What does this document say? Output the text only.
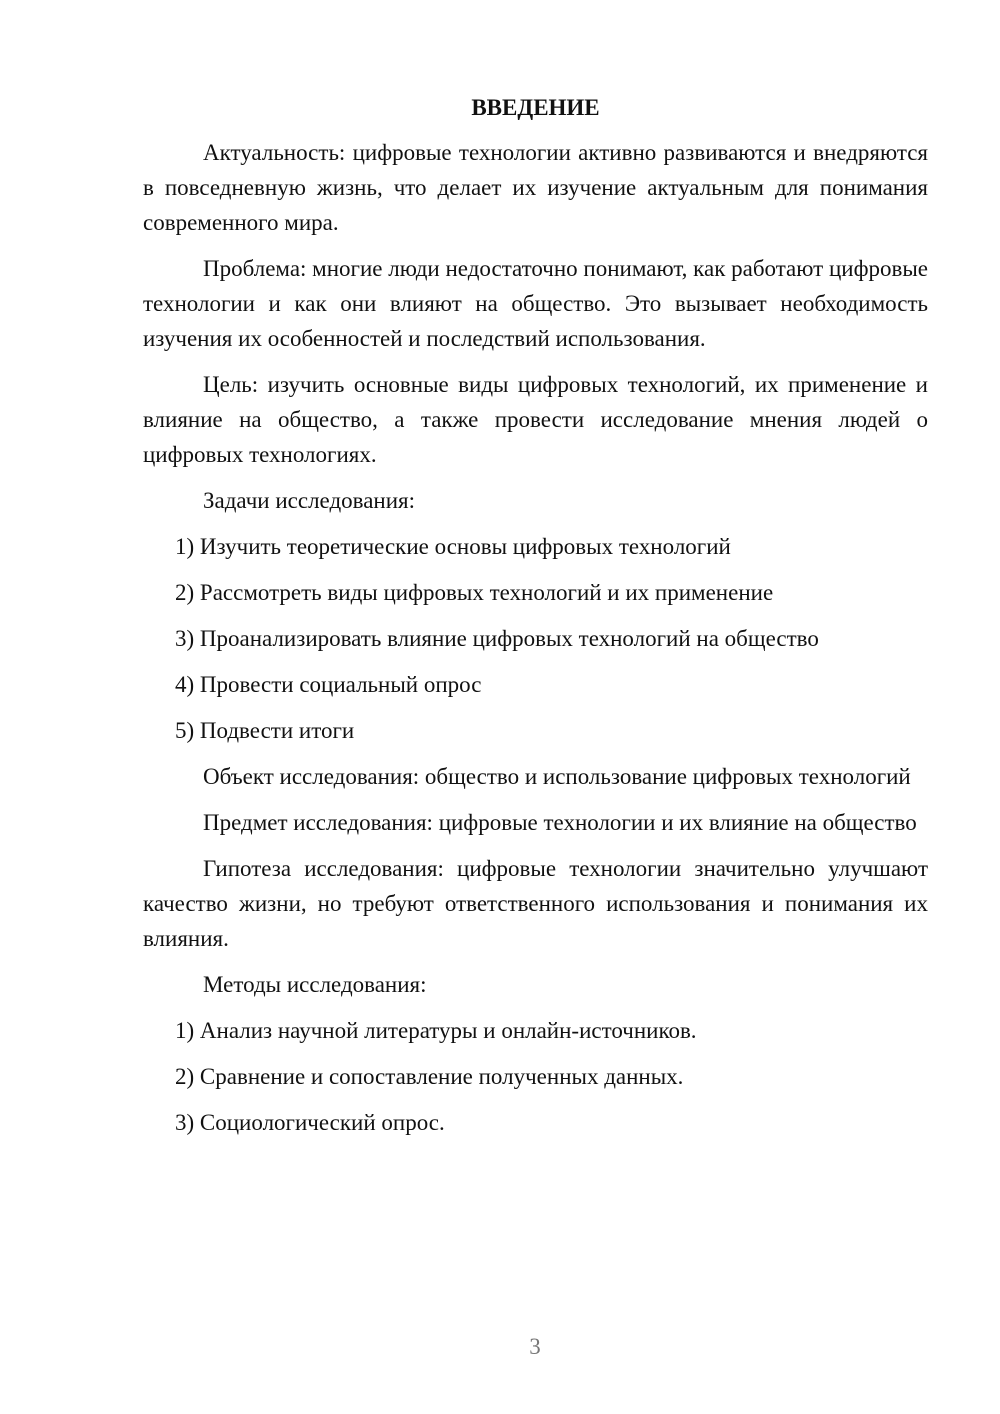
ВВЕДЕНИЕ

Актуальность: цифровые технологии активно развиваются и внедряются в повседневную жизнь, что делает их изучение актуальным для понимания современного мира.

Проблема: многие люди недостаточно понимают, как работают цифровые технологии и как они влияют на общество. Это вызывает необходимость изучения их особенностей и последствий использования.

Цель: изучить основные виды цифровых технологий, их применение и влияние на общество, а также провести исследование мнения людей о цифровых технологиях.

Задачи исследования:

1) Изучить теоретические основы цифровых технологий
2) Рассмотреть виды цифровых технологий и их применение
3) Проанализировать влияние цифровых технологий на общество
4) Провести социальный опрос
5) Подвести итоги

Объект исследования: общество и использование цифровых технологий

Предмет исследования: цифровые технологии и их влияние на общество

Гипотеза исследования: цифровые технологии значительно улучшают качество жизни, но требуют ответственного использования и понимания их влияния.

Методы исследования:

1) Анализ научной литературы и онлайн-источников.
2) Сравнение и сопоставление полученных данных.
3) Социологический опрос.
3
